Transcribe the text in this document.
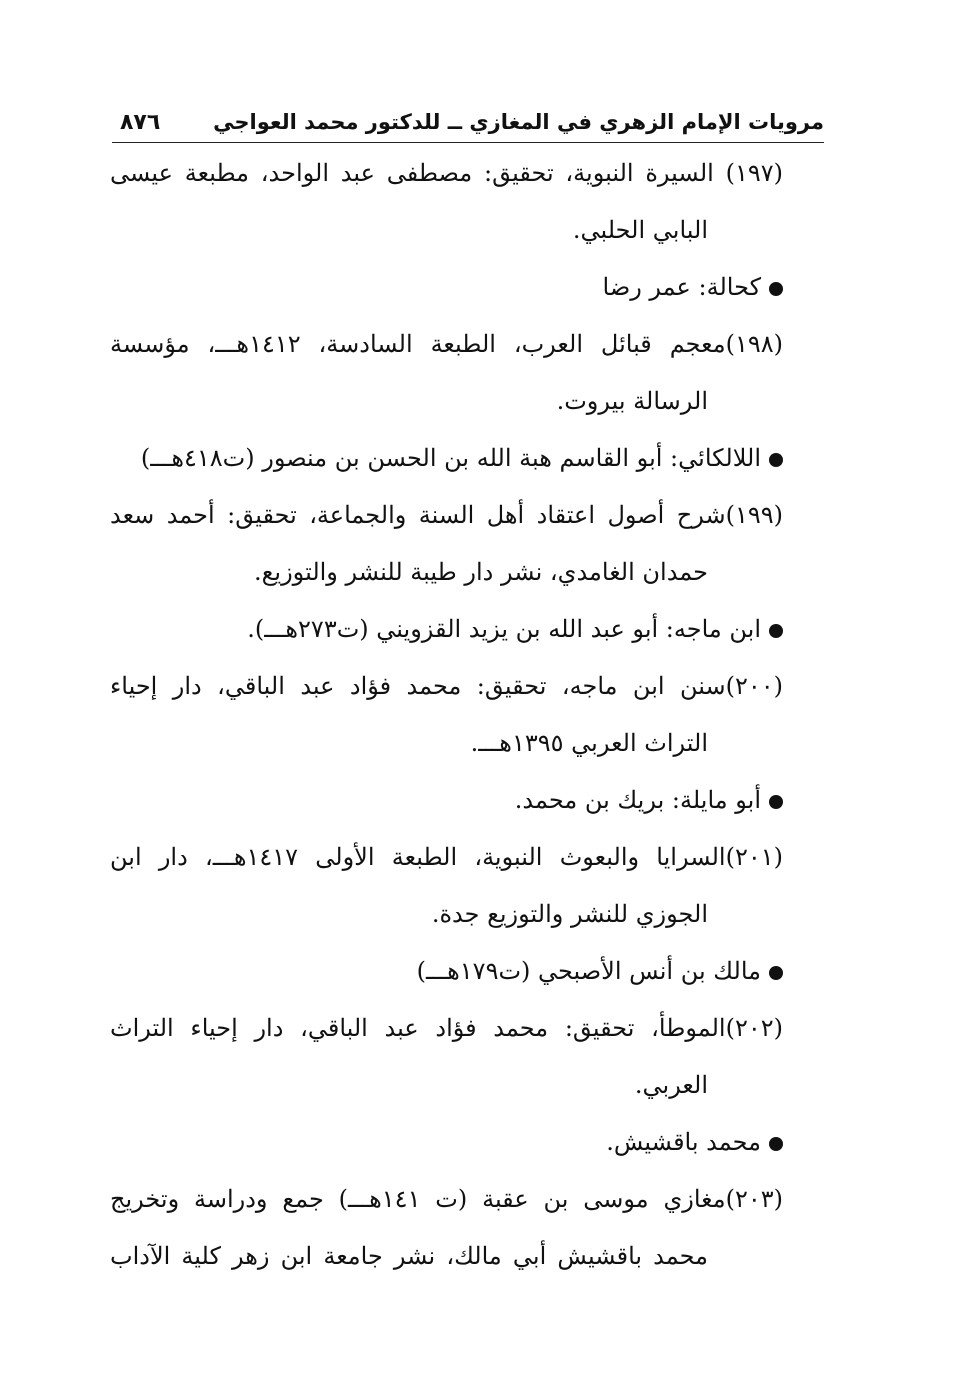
مرويات الإمام الزهري في المغازي ــ للدكتور محمد العواجي
٨٧٦
(١٩٧) السيرة النبوية، تحقيق: مصطفى عبد الواحد، مطبعة عيسى
البابي الحلبي.
كحالة: عمر رضا
(١٩٨)معجم قبائل العرب، الطبعة السادسة، ١٤١٢هـــ، مؤسسة
الرسالة بيروت.
اللالكائي: أبو القاسم هبة الله بن الحسن بن منصور (ت٤١٨هـــ)
(١٩٩)شرح أصول اعتقاد أهل السنة والجماعة، تحقيق: أحمد سعد
حمدان الغامدي، نشر دار طيبة للنشر والتوزيع.
ابن ماجه: أبو عبد الله بن يزيد القزويني (ت٢٧٣هـــ).
(٢٠٠)سنن ابن ماجه، تحقيق: محمد فؤاد عبد الباقي، دار إحياء
التراث العربي ١٣٩٥هـــ.
أبو مايلة: بريك بن محمد.
(٢٠١)السرايا والبعوث النبوية، الطبعة الأولى ١٤١٧هـــ، دار ابن
الجوزي للنشر والتوزيع جدة.
مالك بن أنس الأصبحي (ت١٧٩هـــ)
(٢٠٢)الموطأ، تحقيق: محمد فؤاد عبد الباقي، دار إحياء التراث
العربي.
محمد باقشيش.
(٢٠٣)مغازي موسى بن عقبة (ت ١٤١هـــ) جمع ودراسة وتخريج
محمد باقشيش أبي مالك، نشر جامعة ابن زهر كلية الآداب
